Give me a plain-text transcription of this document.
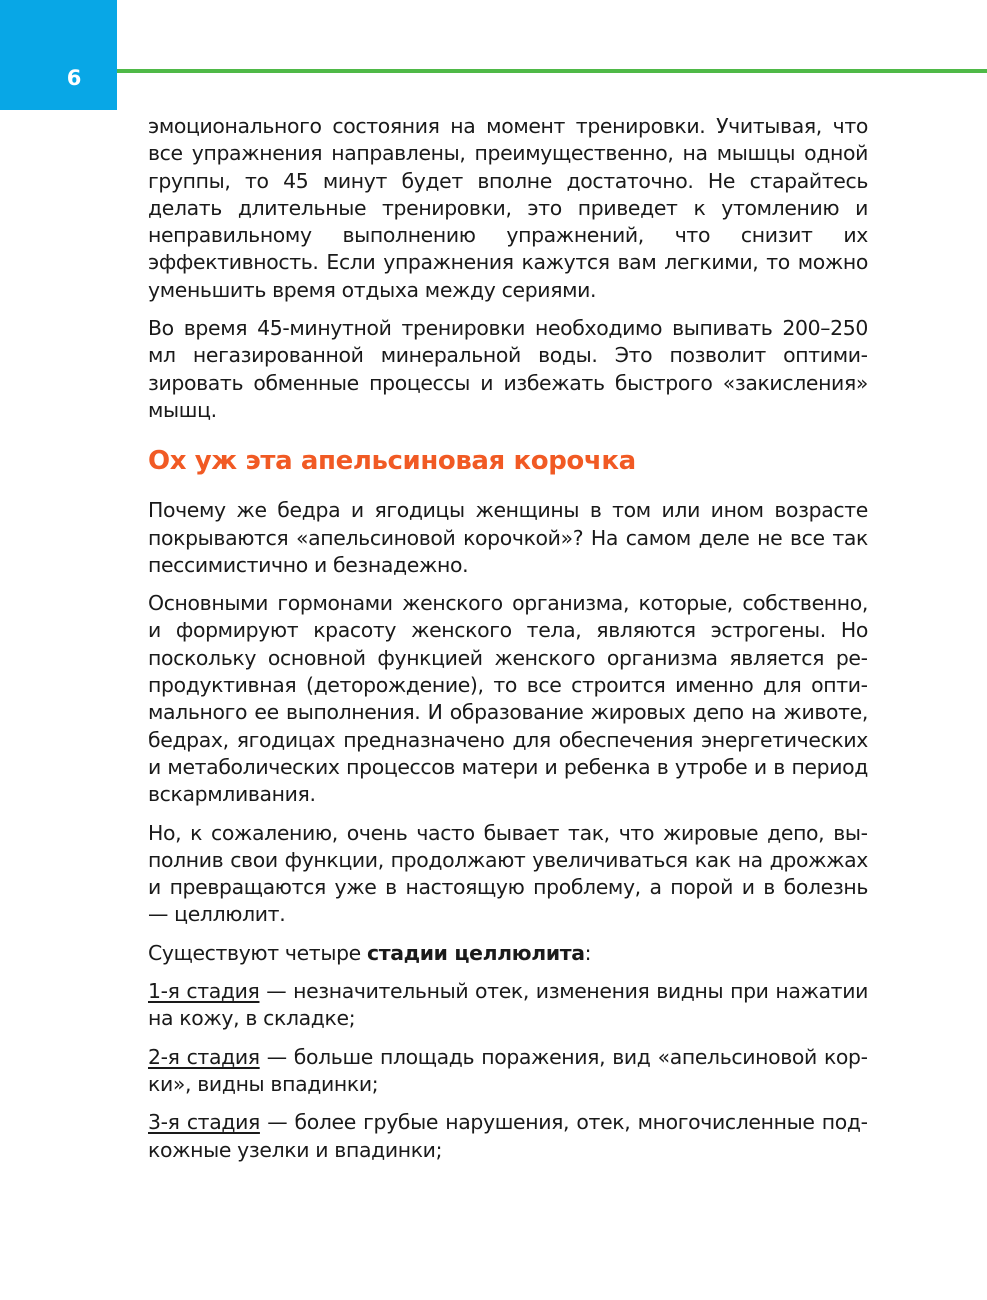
6

эмоционального состояния на момент тренировки. Учитывая, что все упражнения направлены, преимущественно, на мышцы одной группы, то 45 минут будет вполне достаточно. Не старайтесь делать длительные тренировки, это приведет к утомлению и неправильному выполнению упражнений, что снизит их эффективность. Если упражнения кажутся вам легкими, то можно уменьшить время отдыха между сериями.

Во время 45-минутной тренировки необходимо выпивать 200–250 мл негазированной минеральной воды. Это позволит оптимизировать обменные процессы и избежать быстрого «закисления» мышц.

Ох уж эта апельсиновая корочка

Почему же бедра и ягодицы женщины в том или ином возрасте покрываются «апельсиновой корочкой»? На самом деле не все так пессимистично и безнадежно.

Основными гормонами женского организма, которые, собственно, и формируют красоту женского тела, являются эстрогены. Но поскольку основной функцией женского организма является репродуктивная (деторождение), то все строится именно для оптимального ее выполнения. И образование жировых депо на животе, бедрах, ягодицах предназначено для обеспечения энергетических и метаболических процессов матери и ребенка в утробе и в период вскармливания.

Но, к сожалению, очень часто бывает так, что жировые депо, выполнив свои функции, продолжают увеличиваться как на дрожжах и превращаются уже в настоящую проблему, а порой и в болезнь — целлюлит.

Существуют четыре стадии целлюлита:

1-я стадия — незначительный отек, изменения видны при нажатии на кожу, в складке;

2-я стадия — больше площадь поражения, вид «апельсиновой корки», видны впадинки;

3-я стадия — более грубые нарушения, отек, многочисленные подкожные узелки и впадинки;
